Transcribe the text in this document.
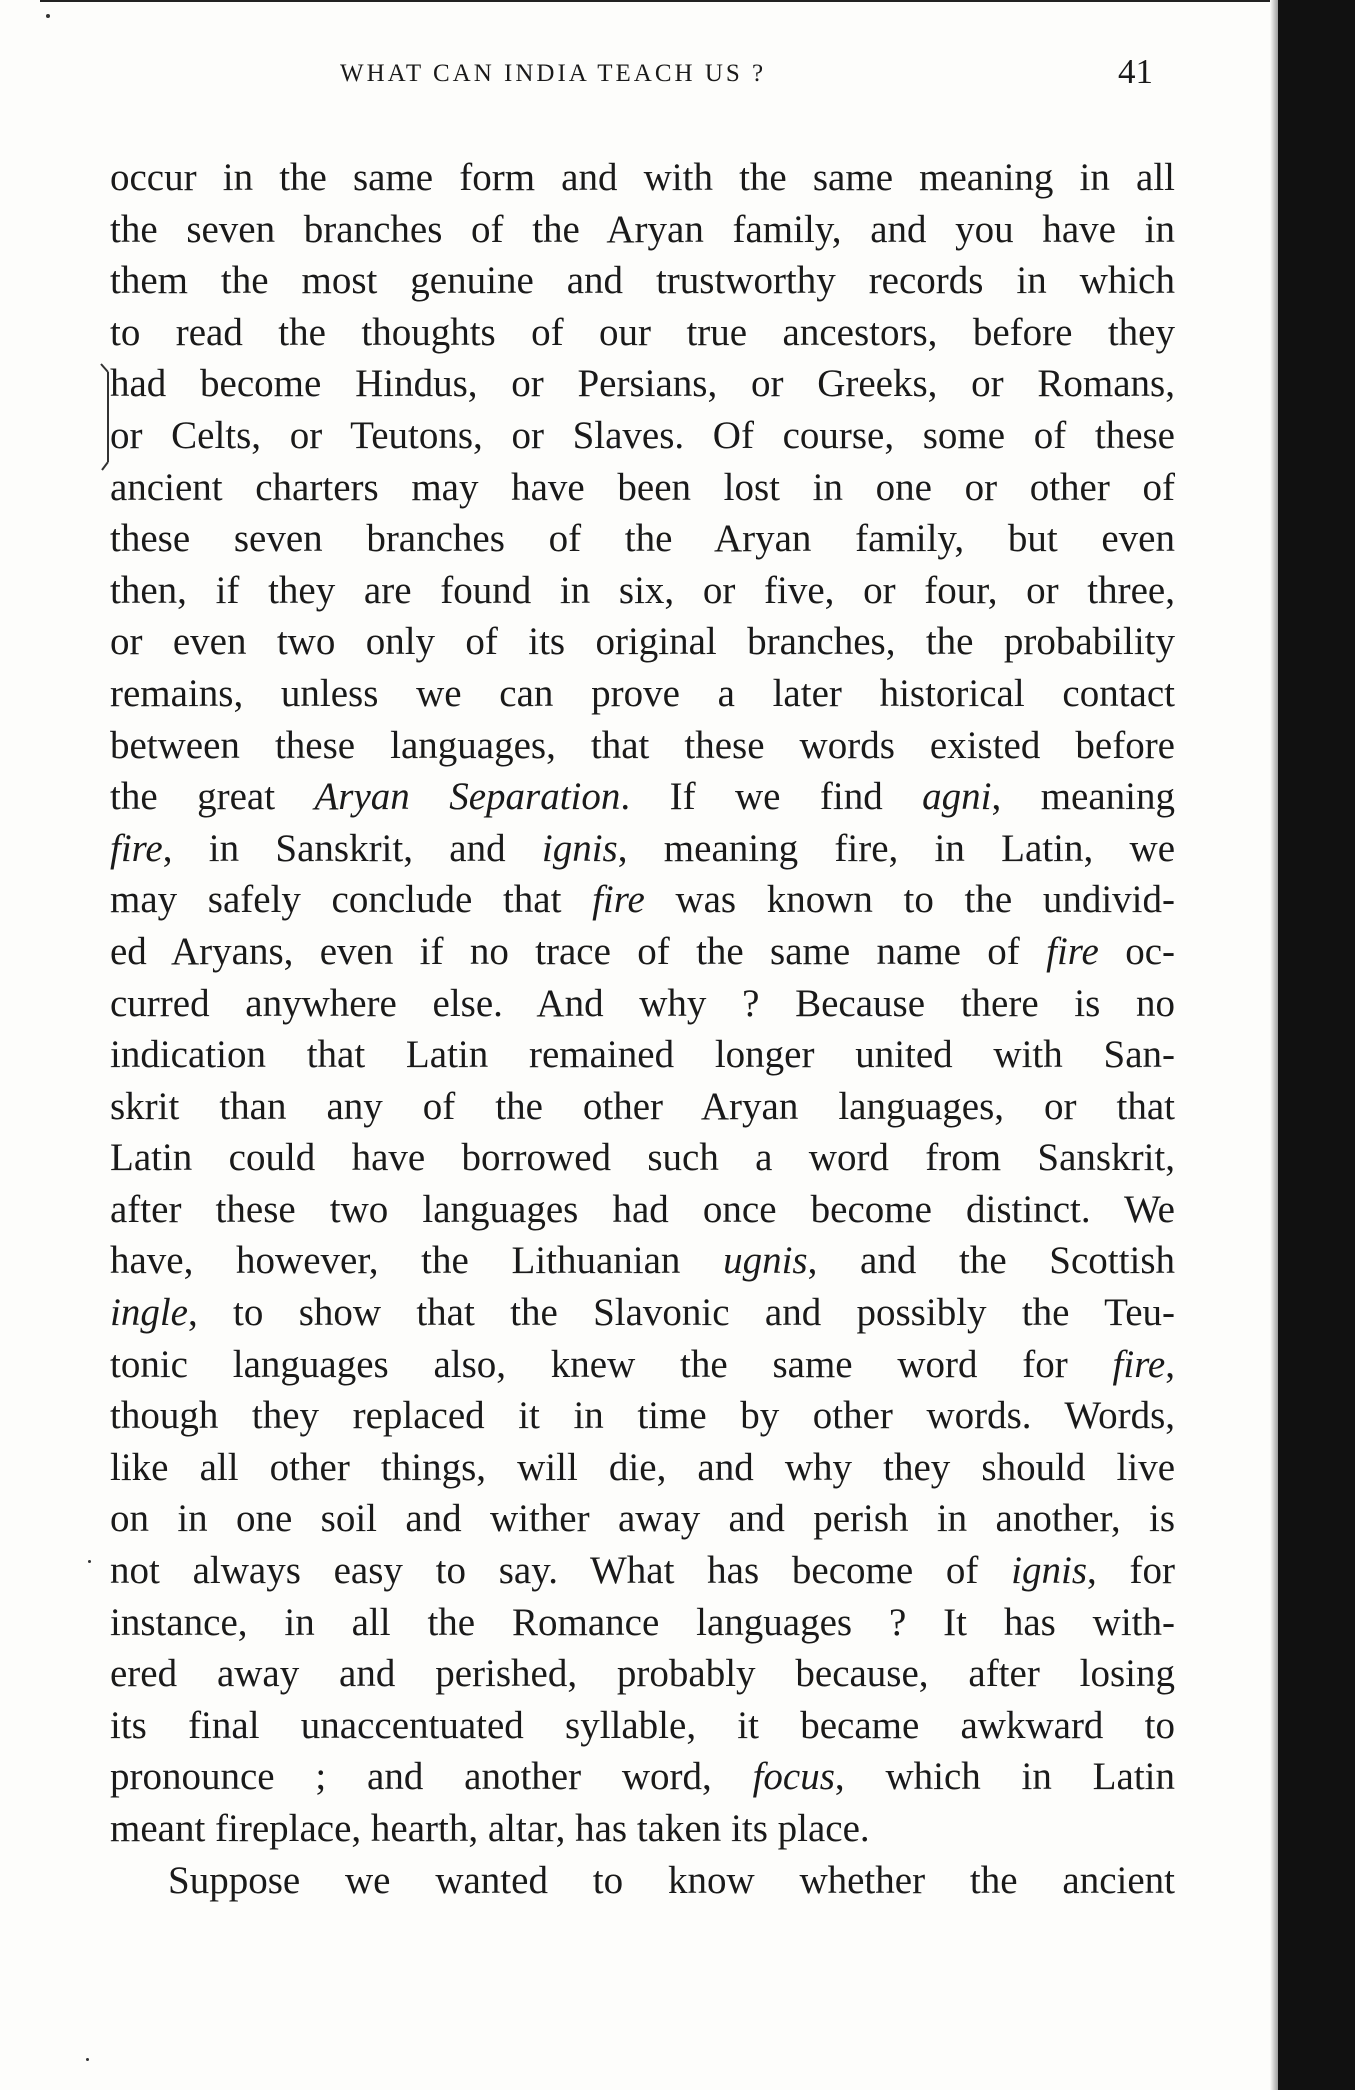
WHAT CAN INDIA TEACH US ?	41
occur in the same form and with the same meaning in all
the seven branches of the Aryan family, and you have in
them the most genuine and trustworthy records in which
to read the thoughts of our true ancestors, before they
had become Hindus, or Persians, or Greeks, or Romans,
or Celts, or Teutons, or Slaves. Of course, some of these
ancient charters may have been lost in one or other of
these seven branches of the Aryan family, but even
then, if they are found in six, or five, or four, or three,
or even two only of its original branches, the probability
remains, unless we can prove a later historical contact
between these languages, that these words existed before
the great Aryan Separation. If we find agni, meaning
fire, in Sanskrit, and ignis, meaning fire, in Latin, we
may safely conclude that fire was known to the undivid-
ed Aryans, even if no trace of the same name of fire oc-
curred anywhere else. And why ? Because there is no
indication that Latin remained longer united with San-
skrit than any of the other Aryan languages, or that
Latin could have borrowed such a word from Sanskrit,
after these two languages had once become distinct. We
have, however, the Lithuanian ugnis, and the Scottish
ingle, to show that the Slavonic and possibly the Teu-
tonic languages also, knew the same word for fire,
though they replaced it in time by other words. Words,
like all other things, will die, and why they should live
on in one soil and wither away and perish in another, is
not always easy to say. What has become of ignis, for
instance, in all the Romance languages ? It has with-
ered away and perished, probably because, after losing
its final unaccentuated syllable, it became awkward to
pronounce ; and another word, focus, which in Latin
meant fireplace, hearth, altar, has taken its place.
Suppose we wanted to know whether the ancient
